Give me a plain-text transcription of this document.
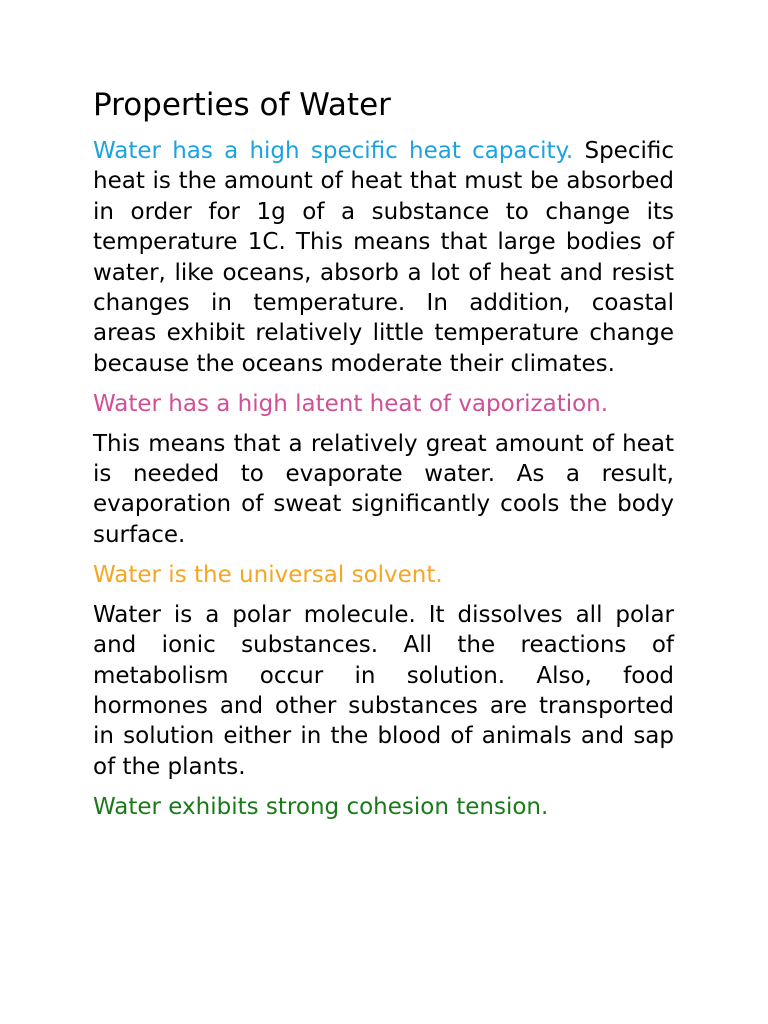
Properties of Water

Water has a high specific heat capacity. Specific heat is the amount of heat that must be absorbed in order for 1g of a substance to change its temperature 1C. This means that large bodies of water, like oceans, absorb a lot of heat and resist changes in temperature. In addition, coastal areas exhibit relatively little temperature change because the oceans moderate their climates.

Water has a high latent heat of vaporization.

This means that a relatively great amount of heat is needed to evaporate water. As a result, evaporation of sweat significantly cools the body surface.

Water is the universal solvent.

Water is a polar molecule. It dissolves all polar and ionic substances. All the reactions of metabolism occur in solution. Also, food hormones and other substances are transported in solution either in the blood of animals and sap of the plants.

Water exhibits strong cohesion tension.
